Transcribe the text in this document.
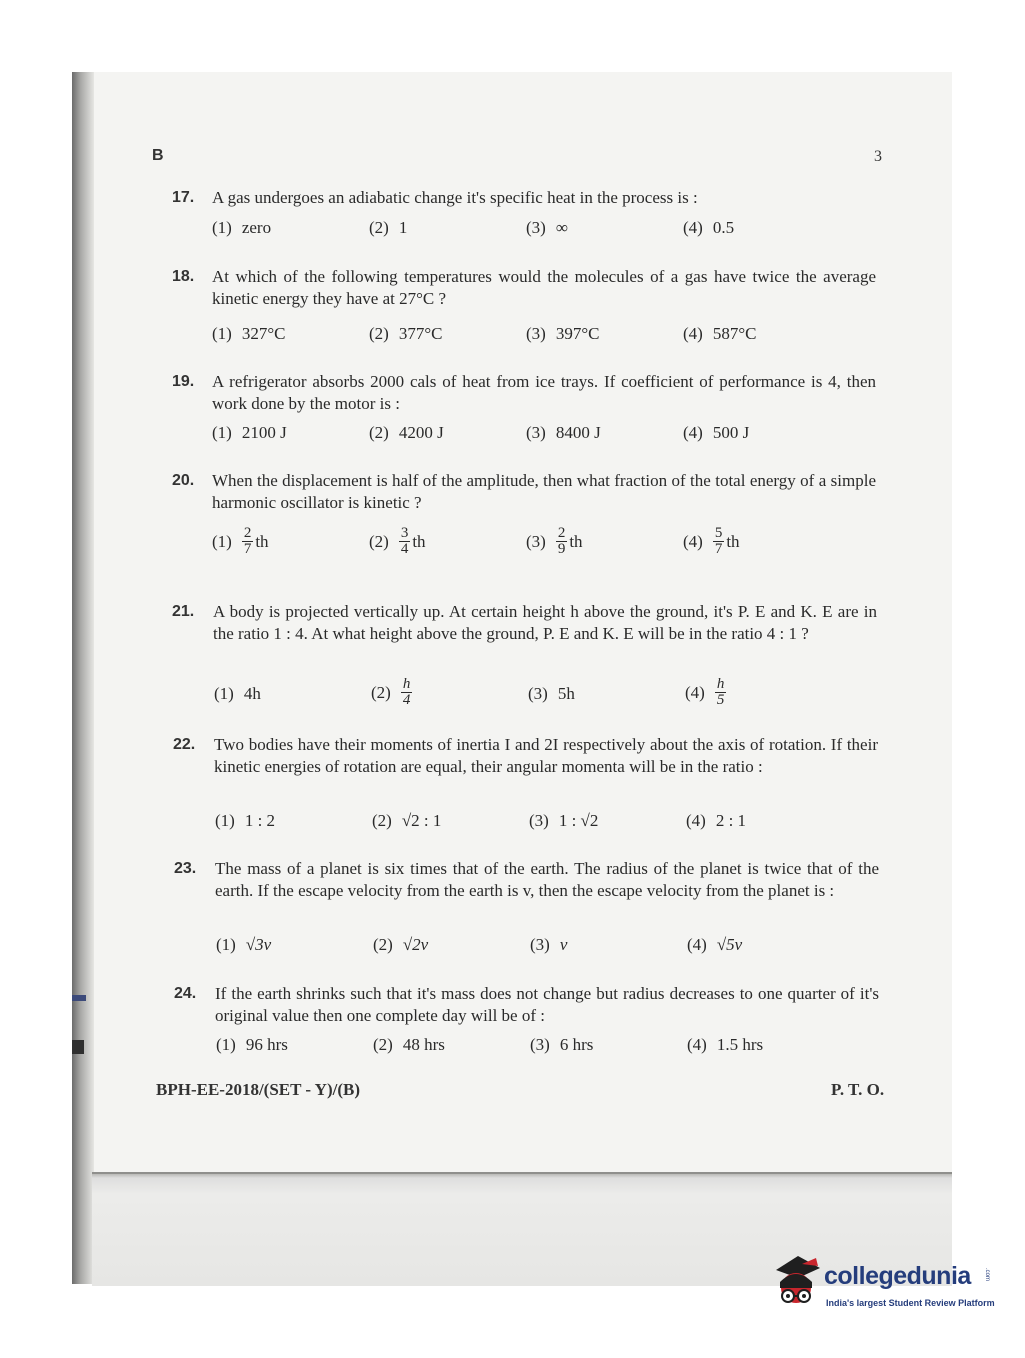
B	3
17. A gas undergoes an adiabatic change it's specific heat in the process is :
(1) zero	(2) 1	(3) ∞	(4) 0.5
18. At which of the following temperatures would the molecules of a gas have twice the average kinetic energy they have at 27°C ?
(1) 327°C	(2) 377°C	(3) 397°C	(4) 587°C
19. A refrigerator absorbs 2000 cals of heat from ice trays. If coefficient of performance is 4, then work done by the motor is :
(1) 2100 J	(2) 4200 J	(3) 8400 J	(4) 500 J
20. When the displacement is half of the amplitude, then what fraction of the total energy of a simple harmonic oscillator is kinetic ?
$(1) \frac{2}{7}$ th	$(2) \frac{3}{4}$ th	$(3) \frac{2}{9}$ th	$(4) \frac{5}{7}$ th
21. A body is projected vertically up. At certain height h above the ground, it's P. E and K. E are in the ratio 1 : 4. At what height above the ground, P. E and K. E will be in the ratio 4 : 1 ?
(1) 4h	$(2) \frac{h}{4}$	(3) 5h	$(4) \frac{h}{5}$
22. Two bodies have their moments of inertia I and 2I respectively about the axis of rotation. If their kinetic energies of rotation are equal, their angular momenta will be in the ratio :
(1) 1 : 2	(2) √2 : 1	(3) 1 : √2	(4) 2 : 1
23. The mass of a planet is six times that of the earth. The radius of the planet is twice that of the earth. If the escape velocity from the earth is v, then the escape velocity from the planet is :
(1) √3v	(2) √2v	(3) v	(4) √5v
24. If the earth shrinks such that it's mass does not change but radius decreases to one quarter of it's original value then one complete day will be of :
(1) 96 hrs	(2) 48 hrs	(3) 6 hrs	(4) 1.5 hrs
BPH-EE-2018/(SET - Y)/(B)	P. T. O.
collegedunia .com
India's largest Student Review Platform
